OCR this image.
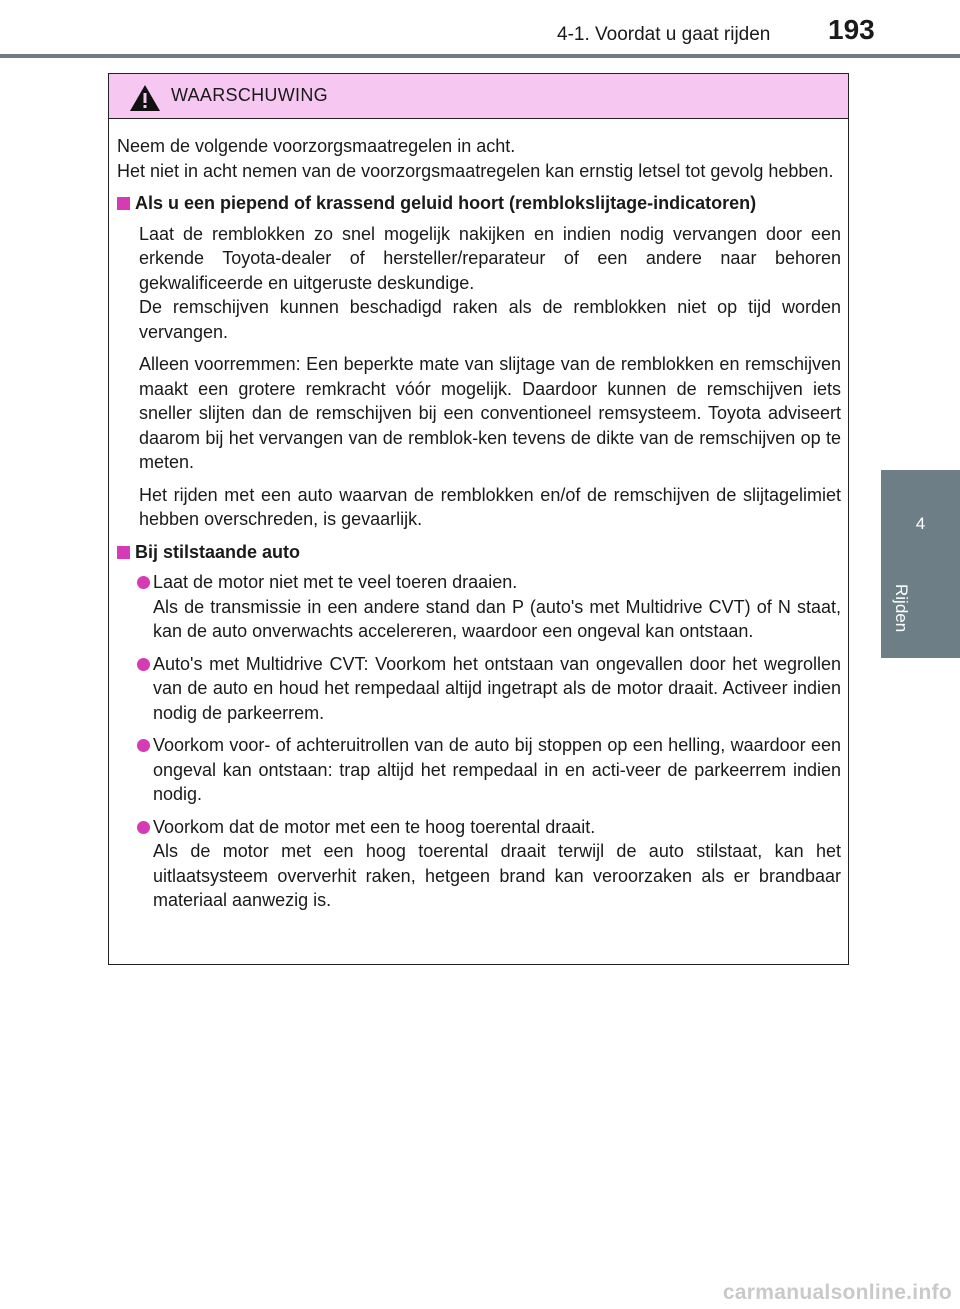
4-1. Voordat u gaat rijden 193
4
Rijden
WAARSCHUWING
Neem de volgende voorzorgsmaatregelen in acht.
Het niet in acht nemen van de voorzorgsmaatregelen kan ernstig letsel tot gevolg hebben.
Als u een piepend of krassend geluid hoort (remblokslijtage-indicatoren)
Laat de remblokken zo snel mogelijk nakijken en indien nodig vervangen door een erkende Toyota-dealer of hersteller/reparateur of een andere naar behoren gekwalificeerde en uitgeruste deskundige.
De remschijven kunnen beschadigd raken als de remblokken niet op tijd worden vervangen.
Alleen voorremmen: Een beperkte mate van slijtage van de remblokken en remschijven maakt een grotere remkracht vóór mogelijk. Daardoor kunnen de remschijven iets sneller slijten dan de remschijven bij een conventioneel remsysteem. Toyota adviseert daarom bij het vervangen van de remblok-ken tevens de dikte van de remschijven op te meten.
Het rijden met een auto waarvan de remblokken en/of de remschijven de slijtagelimiet hebben overschreden, is gevaarlijk.
Bij stilstaande auto
Laat de motor niet met te veel toeren draaien.
Als de transmissie in een andere stand dan P (auto's met Multidrive CVT) of N staat, kan de auto onverwachts accelereren, waardoor een ongeval kan ontstaan.
Auto's met Multidrive CVT: Voorkom het ontstaan van ongevallen door het wegrollen van de auto en houd het rempedaal altijd ingetrapt als de motor draait. Activeer indien nodig de parkeerrem.
Voorkom voor- of achteruitrollen van de auto bij stoppen op een helling, waardoor een ongeval kan ontstaan: trap altijd het rempedaal in en acti-veer de parkeerrem indien nodig.
Voorkom dat de motor met een te hoog toerental draait.
Als de motor met een hoog toerental draait terwijl de auto stilstaat, kan het uitlaatsysteem oververhit raken, hetgeen brand kan veroorzaken als er brandbaar materiaal aanwezig is.
carmanualsonline.info
